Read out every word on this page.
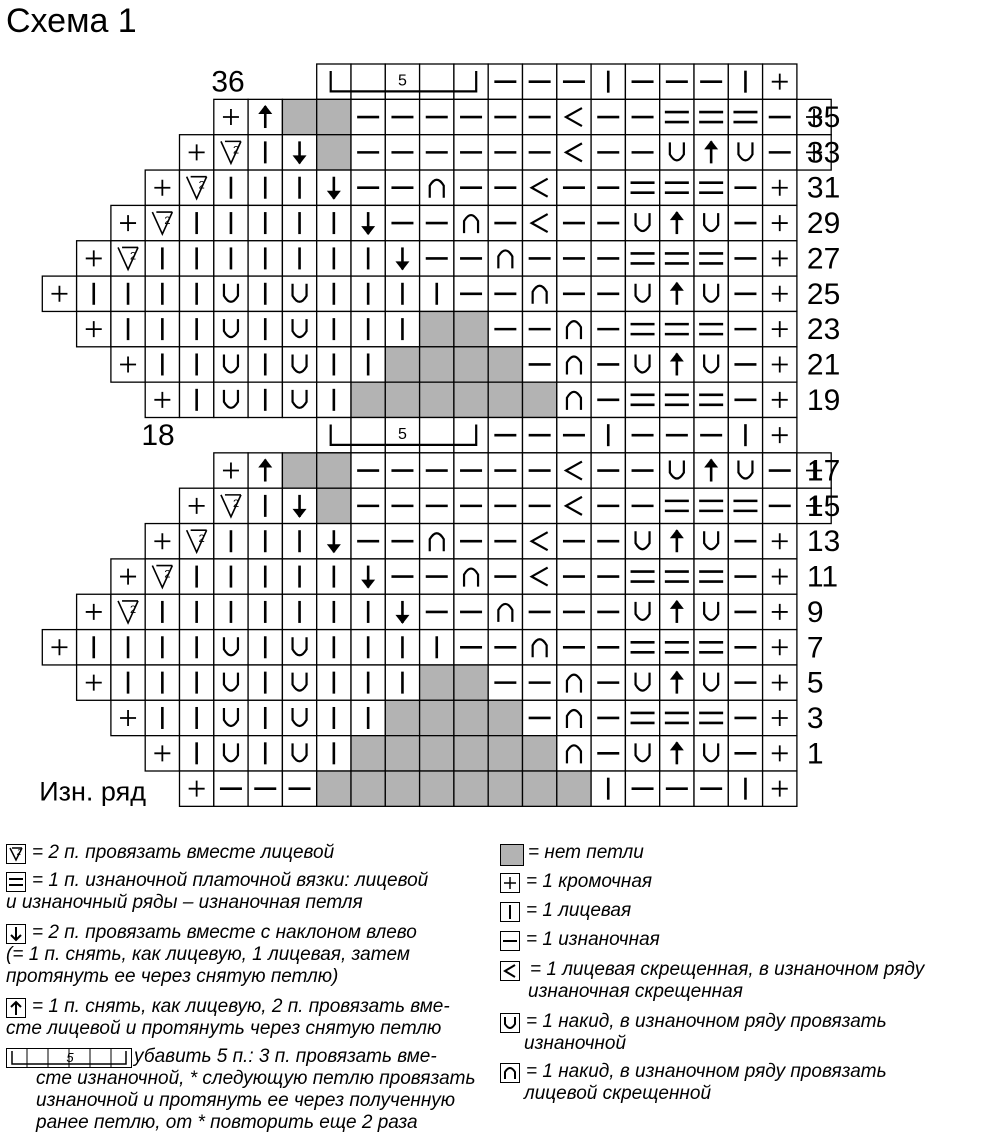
Схема 1
5
2
2
2
2
5
2
2
2
2
35
33
31
29
27
25
23
21
19
17
15
13
11
9
7
5
3
1
36
18
Изн. ряд
2 = 2 п. провязать вместе лицевой
= 1 п. изнаночной платочной вязки: лицевой
и изнаночный ряды – изнаночная петля
= 2 п. провязать вместе с наклоном влево
(= 1 п. снять, как лицевую, 1 лицевая, затем
протянуть ее через снятую петлю)
= 1 п. снять, как лицевую, 2 п. провязать вме-
сте лицевой и протянуть через снятую петлю
5	убавить 5 п.: 3 п. провязать вме-
сте изнаночной, * следующую петлю провязать
изнаночной и протянуть ее через полученную
ранее петлю, от * повторить еще 2 раза
= нет петли
= 1 кромочная
= 1 лицевая
= 1 изнаночная
= 1 лицевая скрещенная, в изнаночном ряду
изнаночная скрещенная
= 1 накид, в изнаночном ряду провязать
изнаночной
= 1 накид, в изнаночном ряду провязать
лицевой скрещенной
